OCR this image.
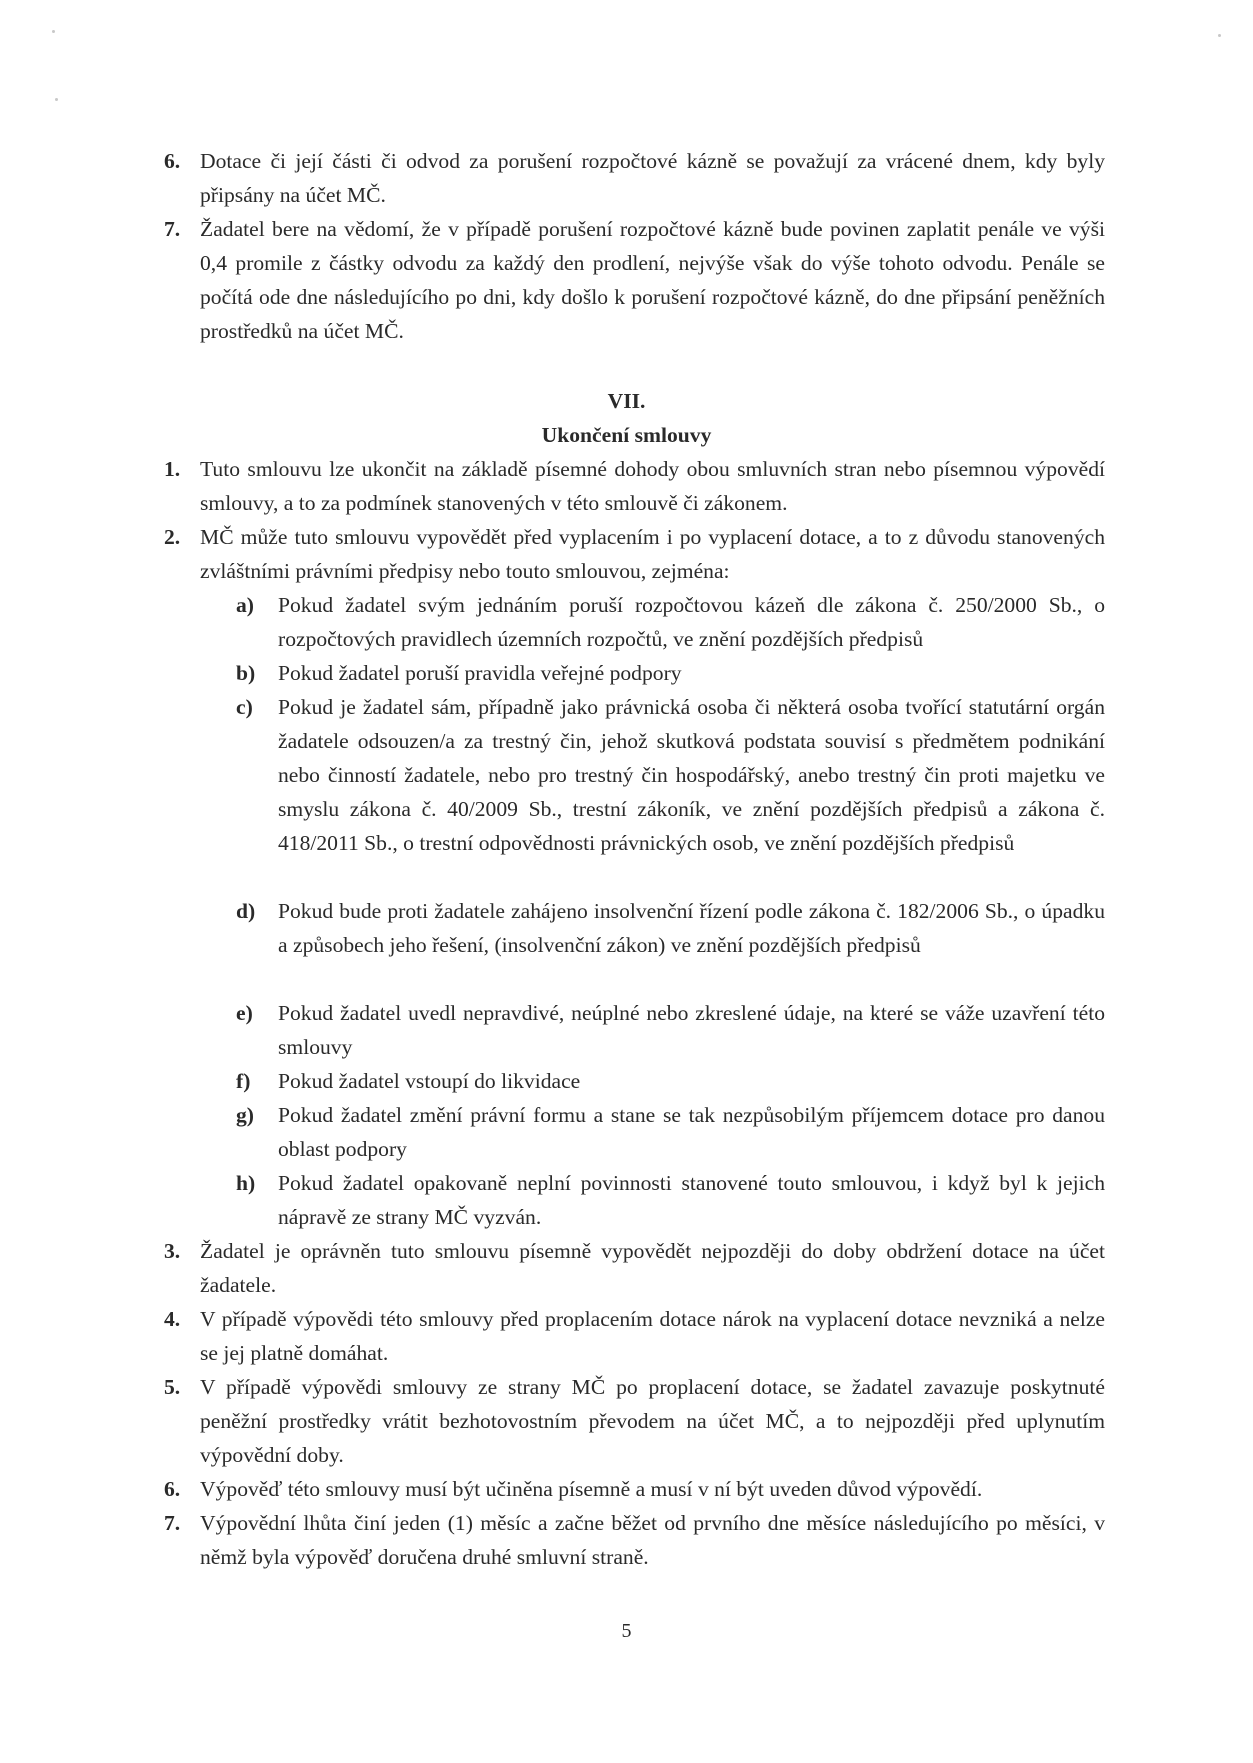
6. Dotace či její části či odvod za porušení rozpočtové kázně se považují za vrácené dnem, kdy byly připsány na účet MČ.
7. Žadatel bere na vědomí, že v případě porušení rozpočtové kázně bude povinen zaplatit penále ve výši 0,4 promile z částky odvodu za každý den prodlení, nejvýše však do výše tohoto odvodu. Penále se počítá ode dne následujícího po dni, kdy došlo k porušení rozpočtové kázně, do dne připsání peněžních prostředků na účet MČ.
VII.
Ukončení smlouvy
1. Tuto smlouvu lze ukončit na základě písemné dohody obou smluvních stran nebo písemnou výpovědí smlouvy, a to za podmínek stanovených v této smlouvě či zákonem.
2. MČ může tuto smlouvu vypovědět před vyplacením i po vyplacení dotace, a to z důvodu stanovených zvláštními právními předpisy nebo touto smlouvou, zejména:
a) Pokud žadatel svým jednáním poruší rozpočtovou kázeň dle zákona č. 250/2000 Sb., o rozpočtových pravidlech územních rozpočtů, ve znění pozdějších předpisů
b) Pokud žadatel poruší pravidla veřejné podpory
c) Pokud je žadatel sám, případně jako právnická osoba či některá osoba tvořící statutární orgán žadatele odsouzen/a za trestný čin, jehož skutková podstata souvisí s předmětem podnikání nebo činností žadatele, nebo pro trestný čin hospodářský, anebo trestný čin proti majetku ve smyslu zákona č. 40/2009 Sb., trestní zákoník, ve znění pozdějších předpisů a zákona č. 418/2011 Sb., o trestní odpovědnosti právnických osob, ve znění pozdějších předpisů
d) Pokud bude proti žadatele zahájeno insolvenční řízení podle zákona č. 182/2006 Sb., o úpadku a způsobech jeho řešení, (insolvenční zákon) ve znění pozdějších předpisů
e) Pokud žadatel uvedl nepravdivé, neúplné nebo zkreslené údaje, na které se váže uzavření této smlouvy
f) Pokud žadatel vstoupí do likvidace
g) Pokud žadatel změní právní formu a stane se tak nezpůsobilým příjemcem dotace pro danou oblast podpory
h) Pokud žadatel opakovaně neplní povinnosti stanovené touto smlouvou, i když byl k jejich nápravě ze strany MČ vyzván.
3. Žadatel je oprávněn tuto smlouvu písemně vypovědět nejpozději do doby obdržení dotace na účet žadatele.
4. V případě výpovědi této smlouvy před proplacením dotace nárok na vyplacení dotace nevzniká a nelze se jej platně domáhat.
5. V případě výpovědi smlouvy ze strany MČ po proplacení dotace, se žadatel zavazuje poskytnuté peněžní prostředky vrátit bezhotovostním převodem na účet MČ, a to nejpozději před uplynutím výpovědní doby.
6. Výpověď této smlouvy musí být učiněna písemně a musí v ní být uveden důvod výpovědí.
7. Výpovědní lhůta činí jeden (1) měsíc a začne běžet od prvního dne měsíce následujícího po měsíci, v němž byla výpověď doručena druhé smluvní straně.
5
